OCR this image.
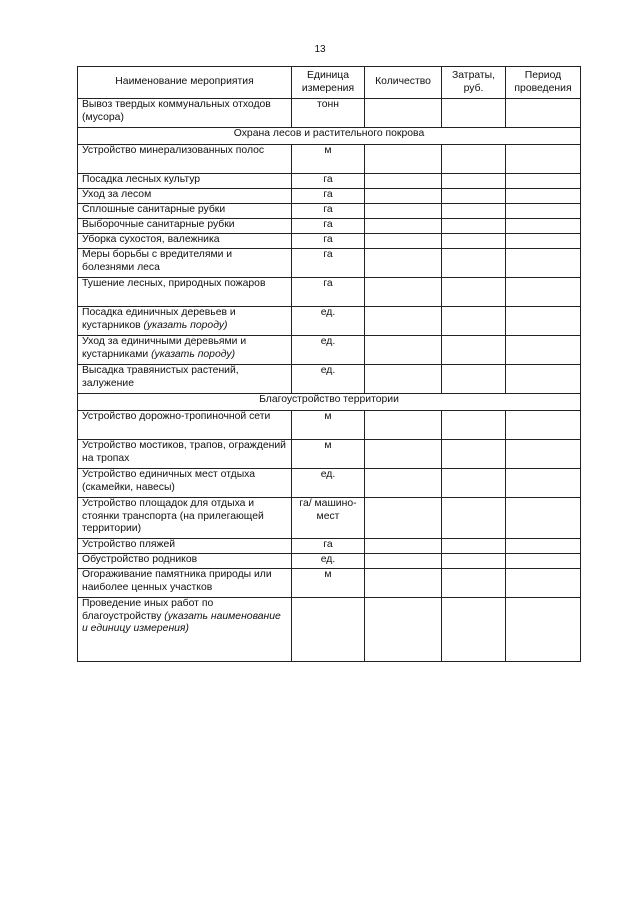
13
Наименование мероприятия	Единица измерения	Количество	Затраты, руб.	Период проведения
Вывоз твердых коммунальных отходов (мусора)	тонн			
Охрана лесов и растительного покрова				
Устройство минерализованных полос	м			
Посадка лесных культур	га			
Уход за лесом	га			
Сплошные санитарные рубки	га			
Выборочные санитарные рубки	га			
Уборка сухостоя, валежника	га			
Меры борьбы с вредителями и болезнями леса	га			
Тушение лесных, природных пожаров	га			
Посадка единичных деревьев и кустарников (указать породу)	ед.			
Уход за единичными деревьями и кустарниками (указать породу)	ед.			
Высадка травянистых растений, залужение	ед.			
Благоустройство территории				
Устройство дорожно-тропиночной сети	м			
Устройство мостиков, трапов, ограждений на тропах	м			
Устройство единичных мест отдыха (скамейки, навесы)	ед.			
Устройство площадок для отдыха и стоянки транспорта (на прилегающей территории)	га/ машино-мест			
Устройство пляжей	га			
Обустройство родников	ед.			
Огораживание памятника природы или наиболее ценных участков	м			
Проведение иных работ по благоустройству (указать наименование и единицу измерения)				
